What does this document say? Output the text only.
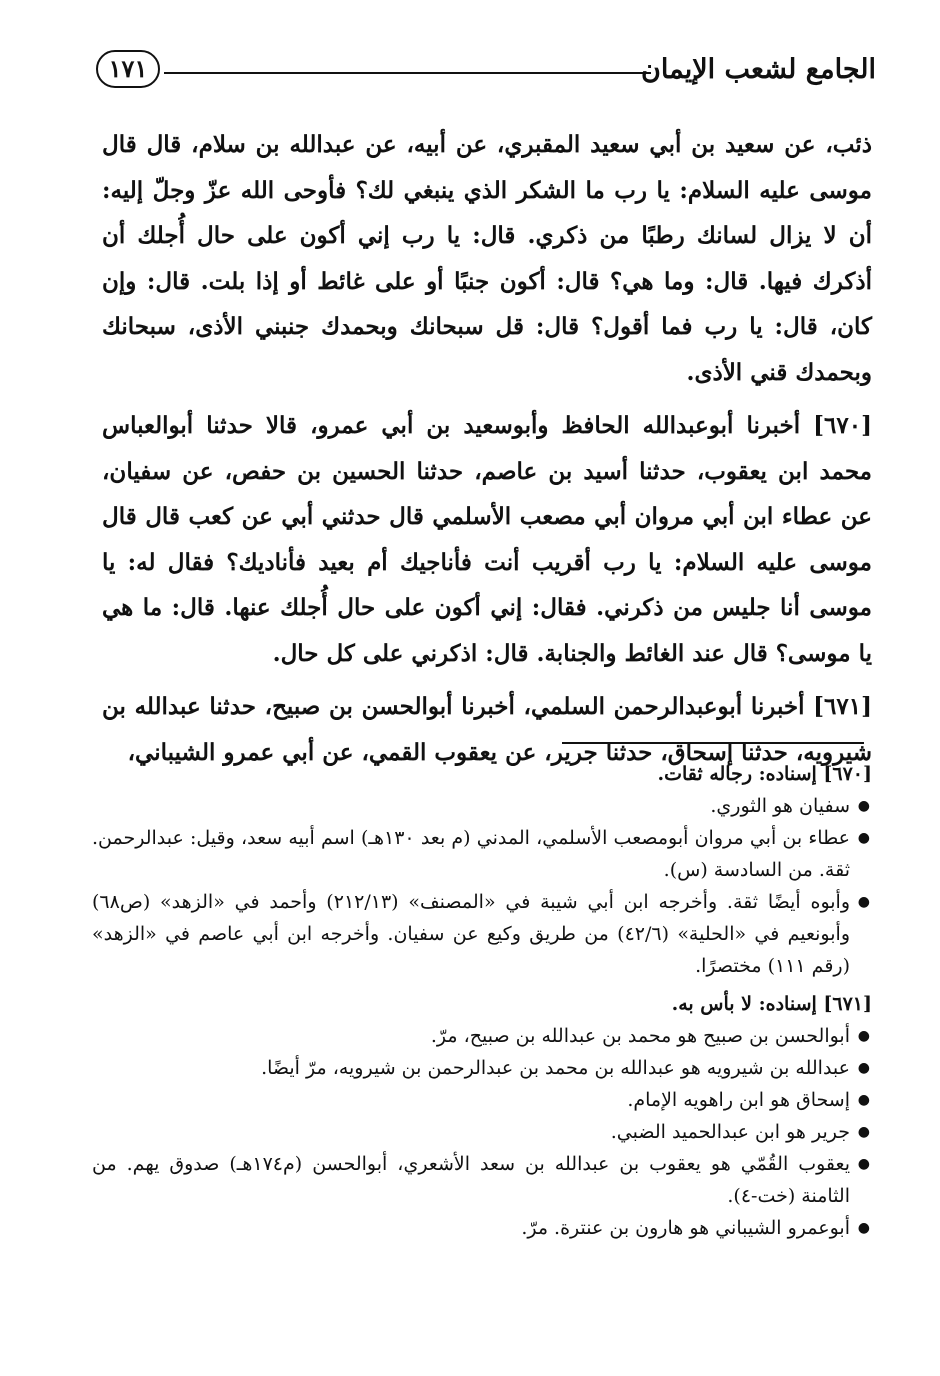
الجامع لشعب الإيمان
١٧١

ذئب، عن سعيد بن أبي سعيد المقبري، عن أبيه، عن عبدالله بن سلام، قال قال موسى عليه السلام: يا رب ما الشكر الذي ينبغي لك؟ فأوحى الله عزّ وجلّ إليه: أن لا يزال لسانك رطبًا من ذكري. قال: يا رب إني أكون على حال أُجلك أن أذكرك فيها. قال: وما هي؟ قال: أكون جنبًا أو على غائط أو إذا بلت. قال: وإن كان، قال: يا رب فما أقول؟ قال: قل سبحانك وبحمدك جنبني الأذى، سبحانك وبحمدك قني الأذى.

[٦٧٠] أخبرنا أبوعبدالله الحافظ وأبوسعيد بن أبي عمرو، قالا حدثنا أبوالعباس محمد ابن يعقوب، حدثنا أسيد بن عاصم، حدثنا الحسين بن حفص، عن سفيان، عن عطاء ابن أبي مروان أبي مصعب الأسلمي قال حدثني أبي عن كعب قال قال موسى عليه السلام: يا رب أقريب أنت فأناجيك أم بعيد فأناديك؟ فقال له: يا موسى أنا جليس من ذكرني. فقال: إني أكون على حال أُجلك عنها. قال: ما هي يا موسى؟ قال عند الغائط والجنابة. قال: اذكرني على كل حال.

[٦٧١] أخبرنا أبوعبدالرحمن السلمي، أخبرنا أبوالحسن بن صبيح، حدثنا عبدالله بن شيرويه، حدثنا إسحاق، حدثنا جرير، عن يعقوب القمي، عن أبي عمرو الشيباني،

[٦٧٠] إسناده: رجاله ثقات.

●
سفيان هو الثوري.
●
عطاء بن أبي مروان أبومصعب الأسلمي، المدني (م بعد ١٣٠هـ) اسم أبيه سعد، وقيل: عبدالرحمن. ثقة. من السادسة (س).
●
وأبوه أيضًا ثقة. وأخرجه ابن أبي شيبة في «المصنف» (٢١٢/١٣) وأحمد في «الزهد» (ص٦٨) وأبونعيم في «الحلية» (٤٢/٦) من طريق وكيع عن سفيان. وأخرجه ابن أبي عاصم في «الزهد» (رقم ١١١) مختصرًا.

[٦٧١] إسناده: لا بأس به.

●
أبوالحسن بن صبيح هو محمد بن عبدالله بن صبيح، مرّ.
●
عبدالله بن شيرويه هو عبدالله بن محمد بن عبدالرحمن بن شيرويه، مرّ أيضًا.
●
إسحاق هو ابن راهويه الإمام.
●
جرير هو ابن عبدالحميد الضبي.
●
يعقوب القُمّي هو يعقوب بن عبدالله بن سعد الأشعري، أبوالحسن (م١٧٤هـ) صدوق يهم. من الثامنة (خت-٤).
●
أبوعمرو الشيباني هو هارون بن عنترة. مرّ.
